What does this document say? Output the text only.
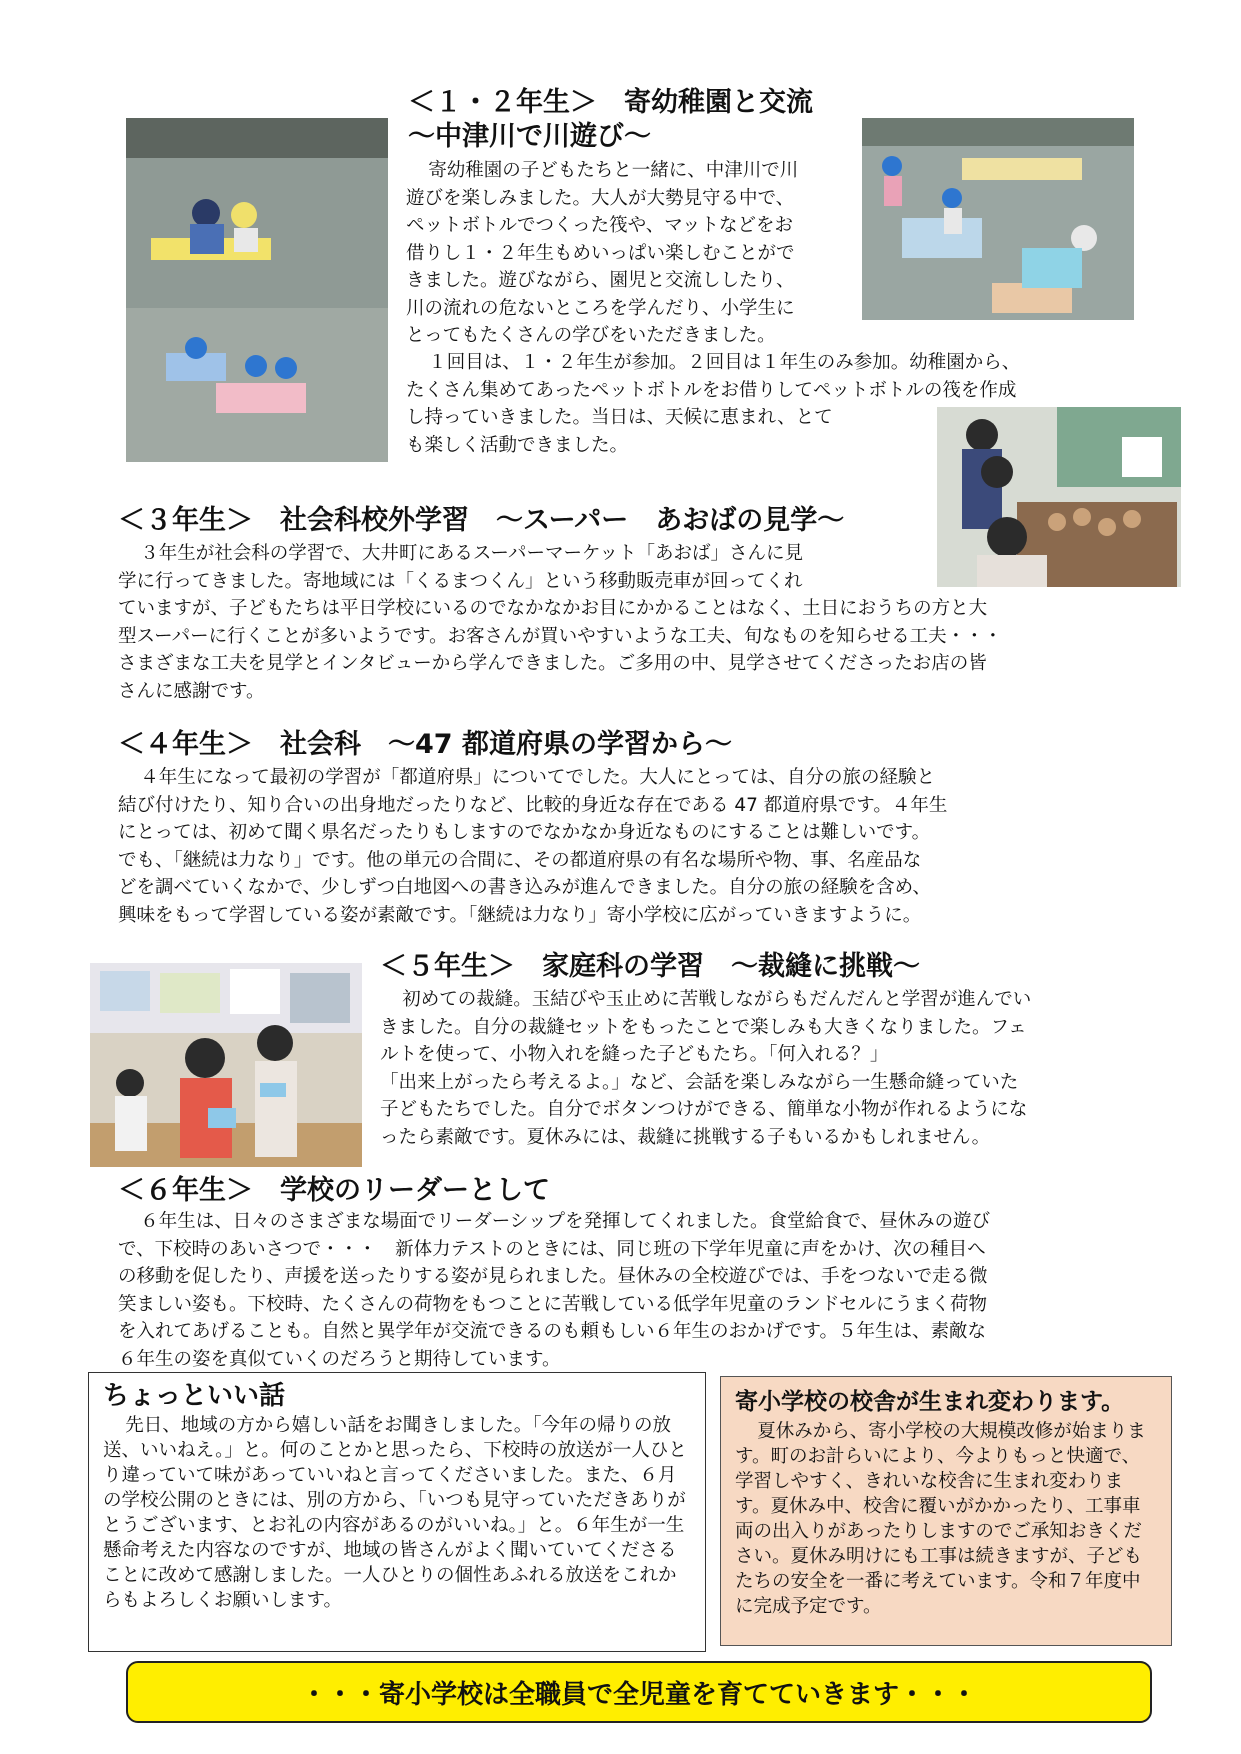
＜１・２年生＞　寄幼稚園と交流
〜中津川で川遊び〜

寄幼稚園の子どもたちと一緒に、中津川で川

遊びを楽しみました。大人が大勢見守る中で、
ペットボトルでつくった筏や、マットなどをお
借りし１・２年生もめいっぱい楽しむことがで
きました。遊びながら、園児と交流ししたり、
川の流れの危ないところを学んだり、小学生に
とってもたくさんの学びをいただきました。

１回目は、１・２年生が参加。２回目は１年生のみ参加。幼稚園から、

たくさん集めてあったペットボトルをお借りしてペットボトルの筏を作成
し持っていきました。当日は、天候に恵まれ、とて
も楽しく活動できました。
＜３年生＞　社会科校外学習　〜スーパー　あおばの見学〜

３年生が社会科の学習で、大井町にあるスーパーマーケット「あおば」さんに見

学に行ってきました。寄地域には「くるまつくん」という移動販売車が回ってくれ
ていますが、子どもたちは平日学校にいるのでなかなかお目にかかることはなく、土日におうちの方と大
型スーパーに行くことが多いようです。お客さんが買いやすいような工夫、旬なものを知らせる工夫・・・
さまざまな工夫を見学とインタビューから学んできました。ご多用の中、見学させてくださったお店の皆
さんに感謝です。
＜４年生＞　社会科　〜47 都道府県の学習から〜

４年生になって最初の学習が「都道府県」についてでした。大人にとっては、自分の旅の経験と

結び付けたり、知り合いの出身地だったりなど、比較的身近な存在である 47 都道府県です。４年生
にとっては、初めて聞く県名だったりもしますのでなかなか身近なものにすることは難しいです。
でも、「継続は力なり」です。他の単元の合間に、その都道府県の有名な場所や物、事、名産品な
どを調べていくなかで、少しずつ白地図への書き込みが進んできました。自分の旅の経験を含め、
興味をもって学習している姿が素敵です。「継続は力なり」寄小学校に広がっていきますように。
＜５年生＞　家庭科の学習　〜裁縫に挑戦〜

初めての裁縫。玉結びや玉止めに苦戦しながらもだんだんと学習が進んでい

きました。自分の裁縫セットをもったことで楽しみも大きくなりました。フェ
ルトを使って、小物入れを縫った子どもたち。「何入れる？」
「出来上がったら考えるよ。」など、会話を楽しみながら一生懸命縫っていた
子どもたちでした。自分でボタンつけができる、簡単な小物が作れるようにな
ったら素敵です。夏休みには、裁縫に挑戦する子もいるかもしれません。
＜６年生＞　学校のリーダーとして

６年生は、日々のさまざまな場面でリーダーシップを発揮してくれました。食堂給食で、昼休みの遊び

で、下校時のあいさつで・・・　新体力テストのときには、同じ班の下学年児童に声をかけ、次の種目へ
の移動を促したり、声援を送ったりする姿が見られました。昼休みの全校遊びでは、手をつないで走る微
笑ましい姿も。下校時、たくさんの荷物をもつことに苦戦している低学年児童のランドセルにうまく荷物
を入れてあげることも。自然と異学年が交流できるのも頼もしい６年生のおかげです。５年生は、素敵な
６年生の姿を真似ていくのだろうと期待しています。
ちょっといい話
先日、地域の方から嬉しい話をお聞きしました。「今年の帰りの放送、いいねえ。」と。何のことかと思ったら、下校時の放送が一人ひとり違っていて味があっていいねと言ってくださいました。また、６月の学校公開のときには、別の方から、「いつも見守っていただきありがとうございます、とお礼の内容があるのがいいね。」と。６年生が一生懸命考えた内容なのですが、地域の皆さんがよく聞いていてくださることに改めて感謝しました。一人ひとりの個性あふれる放送をこれからもよろしくお願いします。
寄小学校の校舎が生まれ変わります。
夏休みから、寄小学校の大規模改修が始まります。町のお計らいにより、今よりもっと快適で、学習しやすく、きれいな校舎に生まれ変わります。夏休み中、校舎に覆いがかかったり、工事車両の出入りがあったりしますのでご承知おきください。夏休み明けにも工事は続きますが、子どもたちの安全を一番に考えています。令和７年度中に完成予定です。
・・・寄小学校は全職員で全児童を育てていきます・・・
